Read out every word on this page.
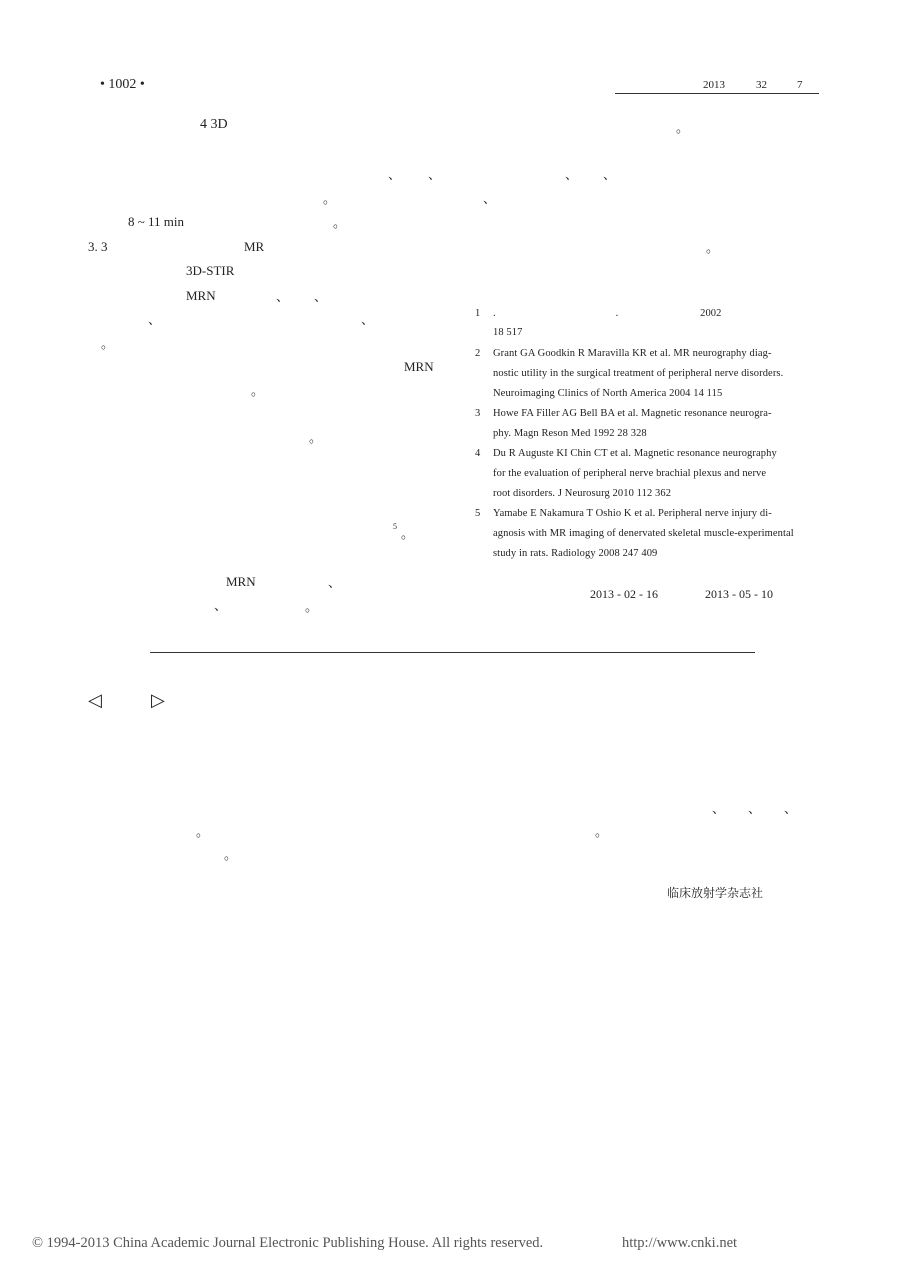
• 1002 •	2013	32	7
4 3D
、 、
。
8 ~ 11 min	。
3. 3	MR
3D-STIR
MRN	、 、
、	、
。
MRN
。
。
5 。
MRN	、
、	。
。
、 、
、
。
1 .                                            .                              2002
18 517
2 Grant GA Goodkin R Maravilla KR et al. MR neurography diag-
nostic utility in the surgical treatment of peripheral nerve disorders.
Neuroimaging Clinics of North America 2004 14 115
3 Howe FA Filler AG Bell BA et al. Magnetic resonance neurogra-
phy. Magn Reson Med 1992 28 328
4 Du R Auguste KI Chin CT et al. Magnetic resonance neurography
for the evaluation of peripheral nerve brachial plexus and nerve
root disorders. J Neurosurg 2010 112 362
5 Yamabe E Nakamura T Oshio K et al. Peripheral nerve injury di-
agnosis with MR imaging of denervated skeletal muscle-experimental
study in rats. Radiology 2008 247 409
2013 - 02 - 16	2013 - 05 - 10
◁	▷
、 、 、
。	。
。
临床放射学杂志社
© 1994-2013 China Academic Journal Electronic Publishing House. All rights reserved.	http://www.cnki.net
